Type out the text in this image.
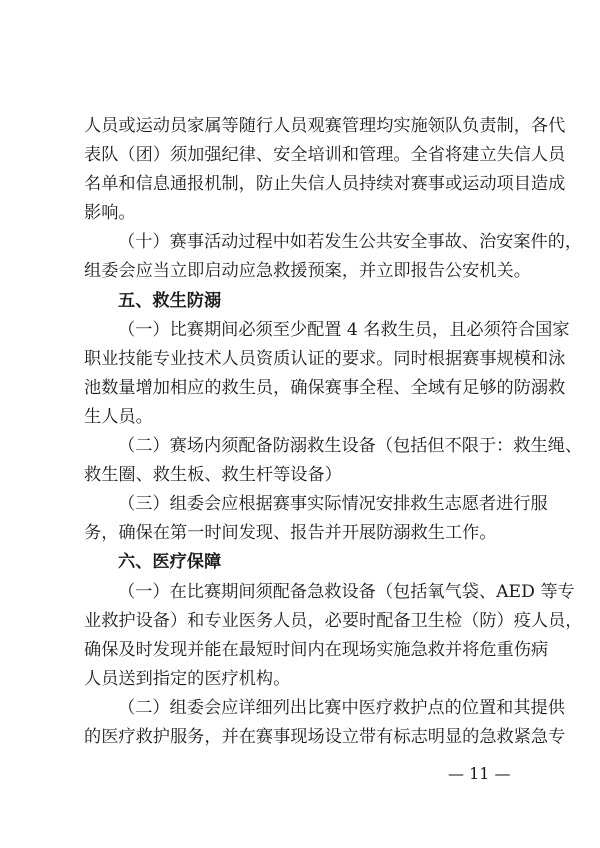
人员或运动员家属等随行人员观赛管理均实施领队负责制，各代
表队（团）须加强纪律、安全培训和管理。全省将建立失信人员
名单和信息通报机制，防止失信人员持续对赛事或运动项目造成
影响。
（十）赛事活动过程中如若发生公共安全事故、治安案件的，
组委会应当立即启动应急救援预案，并立即报告公安机关。
五、救生防溺
（一）比赛期间必须至少配置 4 名救生员，且必须符合国家
职业技能专业技术人员资质认证的要求。同时根据赛事规模和泳
池数量增加相应的救生员，确保赛事全程、全域有足够的防溺救
生人员。
（二）赛场内须配备防溺救生设备（包括但不限于：救生绳、
救生圈、救生板、救生杆等设备）
（三）组委会应根据赛事实际情况安排救生志愿者进行服
务，确保在第一时间发现、报告并开展防溺救生工作。
六、医疗保障
（一）在比赛期间须配备急救设备（包括氧气袋、AED 等专
业救护设备）和专业医务人员，必要时配备卫生检（防）疫人员，
确保及时发现并能在最短时间内在现场实施急救并将危重伤病
人员送到指定的医疗机构。
（二）组委会应详细列出比赛中医疗救护点的位置和其提供
的医疗救护服务，并在赛事现场设立带有标志明显的急救紧急专
— 11 —
